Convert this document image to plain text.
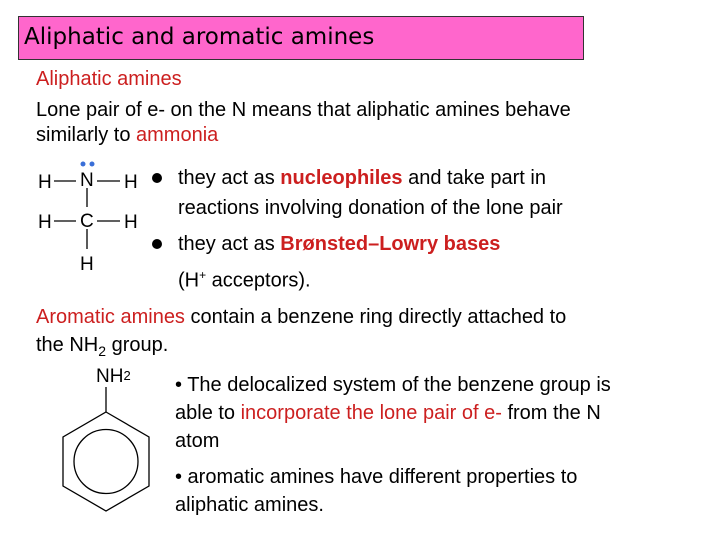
Aliphatic and aromatic amines
Aliphatic amines
Lone pair of e- on the N means that aliphatic amines behave
similarly to ammonia
H N H
H C H
H
they act as nucleophiles and take part in
reactions involving donation of the lone pair
they act as Brønsted–Lowry bases
(H+ acceptors).
Aromatic amines contain a benzene ring directly attached to
the $NH_2$ group.
NH2 • The delocalized system of the benzene group is
able to incorporate the lone pair of e- from the N
atom
• aromatic amines have different properties to
aliphatic amines.
